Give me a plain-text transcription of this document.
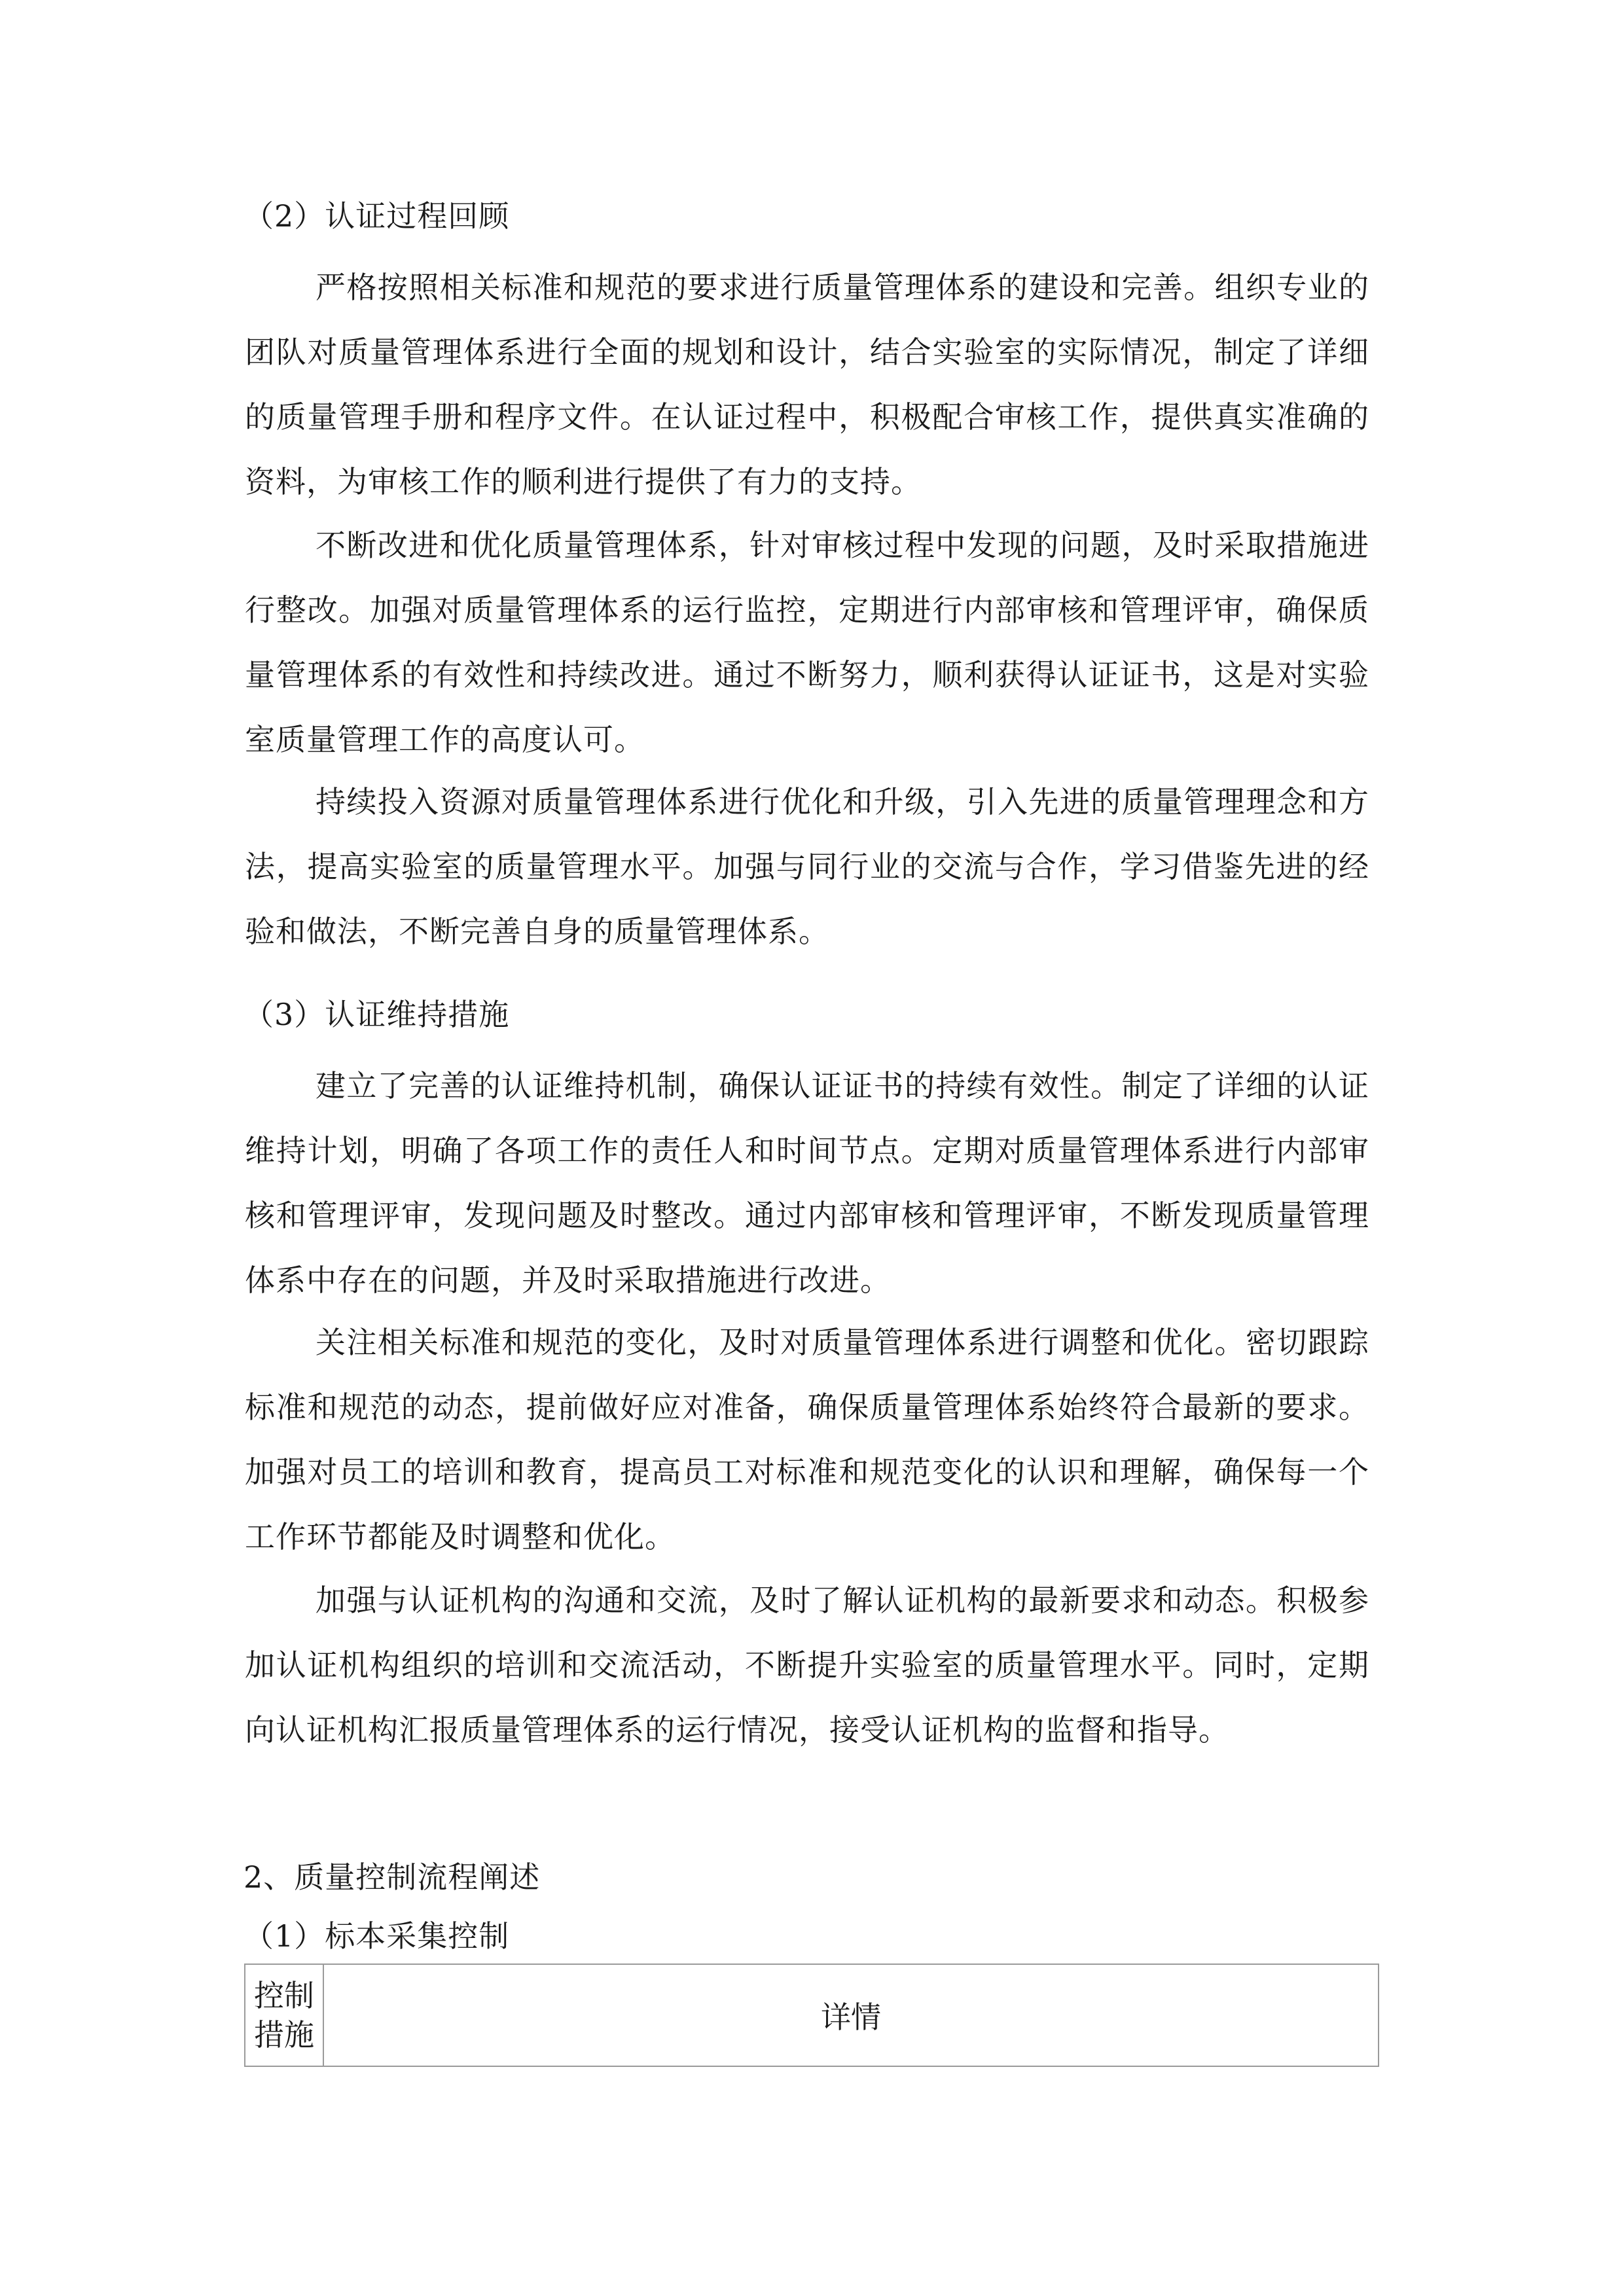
（2）认证过程回顾
严格按照相关标准和规范的要求进行质量管理体系的建设和完善。组织专业的团队对质量管理体系进行全面的规划和设计，结合实验室的实际情况，制定了详细的质量管理手册和程序文件。在认证过程中，积极配合审核工作，提供真实准确的资料，为审核工作的顺利进行提供了有力的支持。
不断改进和优化质量管理体系，针对审核过程中发现的问题，及时采取措施进行整改。加强对质量管理体系的运行监控，定期进行内部审核和管理评审，确保质量管理体系的有效性和持续改进。通过不断努力，顺利获得认证证书，这是对实验室质量管理工作的高度认可。
持续投入资源对质量管理体系进行优化和升级，引入先进的质量管理理念和方法，提高实验室的质量管理水平。加强与同行业的交流与合作，学习借鉴先进的经验和做法，不断完善自身的质量管理体系。
（3）认证维持措施
建立了完善的认证维持机制，确保认证证书的持续有效性。制定了详细的认证维持计划，明确了各项工作的责任人和时间节点。定期对质量管理体系进行内部审核和管理评审，发现问题及时整改。通过内部审核和管理评审，不断发现质量管理体系中存在的问题，并及时采取措施进行改进。
关注相关标准和规范的变化，及时对质量管理体系进行调整和优化。密切跟踪标准和规范的动态，提前做好应对准备，确保质量管理体系始终符合最新的要求。加强对员工的培训和教育，提高员工对标准和规范变化的认识和理解，确保每一个工作环节都能及时调整和优化。
加强与认证机构的沟通和交流，及时了解认证机构的最新要求和动态。积极参加认证机构组织的培训和交流活动，不断提升实验室的质量管理水平。同时，定期向认证机构汇报质量管理体系的运行情况，接受认证机构的监督和指导。
2、质量控制流程阐述
（1）标本采集控制
控制
措施	详情
